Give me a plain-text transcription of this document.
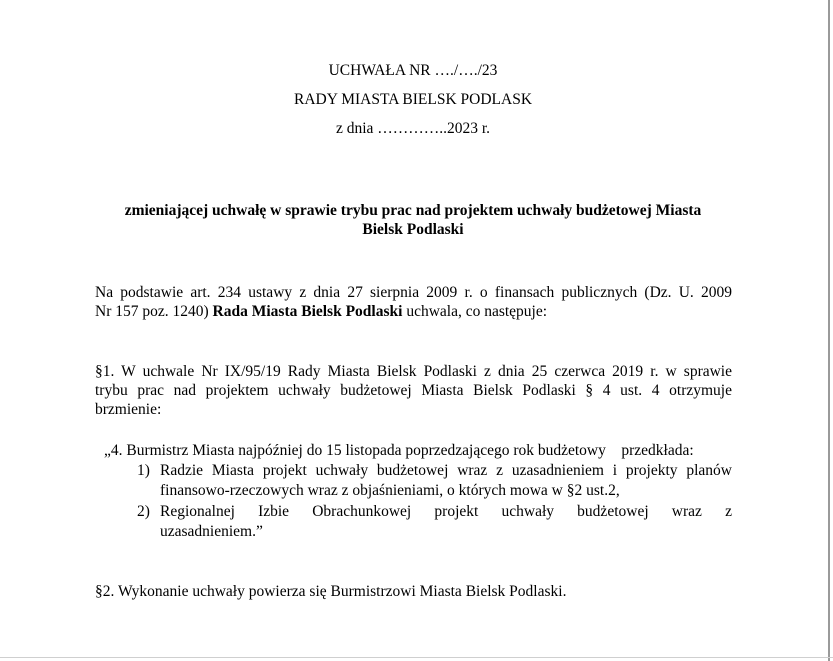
UCHWAŁA NR …./…./23
RADY MIASTA BIELSK PODLASK
z dnia …………..2023 r.
zmieniającej uchwałę w sprawie trybu prac nad projektem uchwały budżetowej Miasta
Bielsk Podlaski
Na podstawie art. 234 ustawy z dnia 27 sierpnia 2009 r. o finansach publicznych (Dz. U. 2009
Nr 157 poz. 1240) Rada Miasta Bielsk Podlaski uchwala, co następuje:
§1. W uchwale Nr IX/95/19 Rady Miasta Bielsk Podlaski z dnia 25 czerwca 2019 r. w sprawie
trybu prac nad projektem uchwały budżetowej Miasta Bielsk Podlaski § 4 ust. 4 otrzymuje
brzmienie:
„4. Burmistrz Miasta najpóźniej do 15 listopada poprzedzającego rok budżetowy    przedkłada:
1) Radzie Miasta projekt uchwały budżetowej wraz z uzasadnieniem i projekty planów
finansowo-rzeczowych wraz z objaśnieniami, o których mowa w §2 ust.2,
2) Regionalnej Izbie Obrachunkowej projekt uchwały budżetowej wraz z
uzasadnieniem.”
§2. Wykonanie uchwały powierza się Burmistrzowi Miasta Bielsk Podlaski.
